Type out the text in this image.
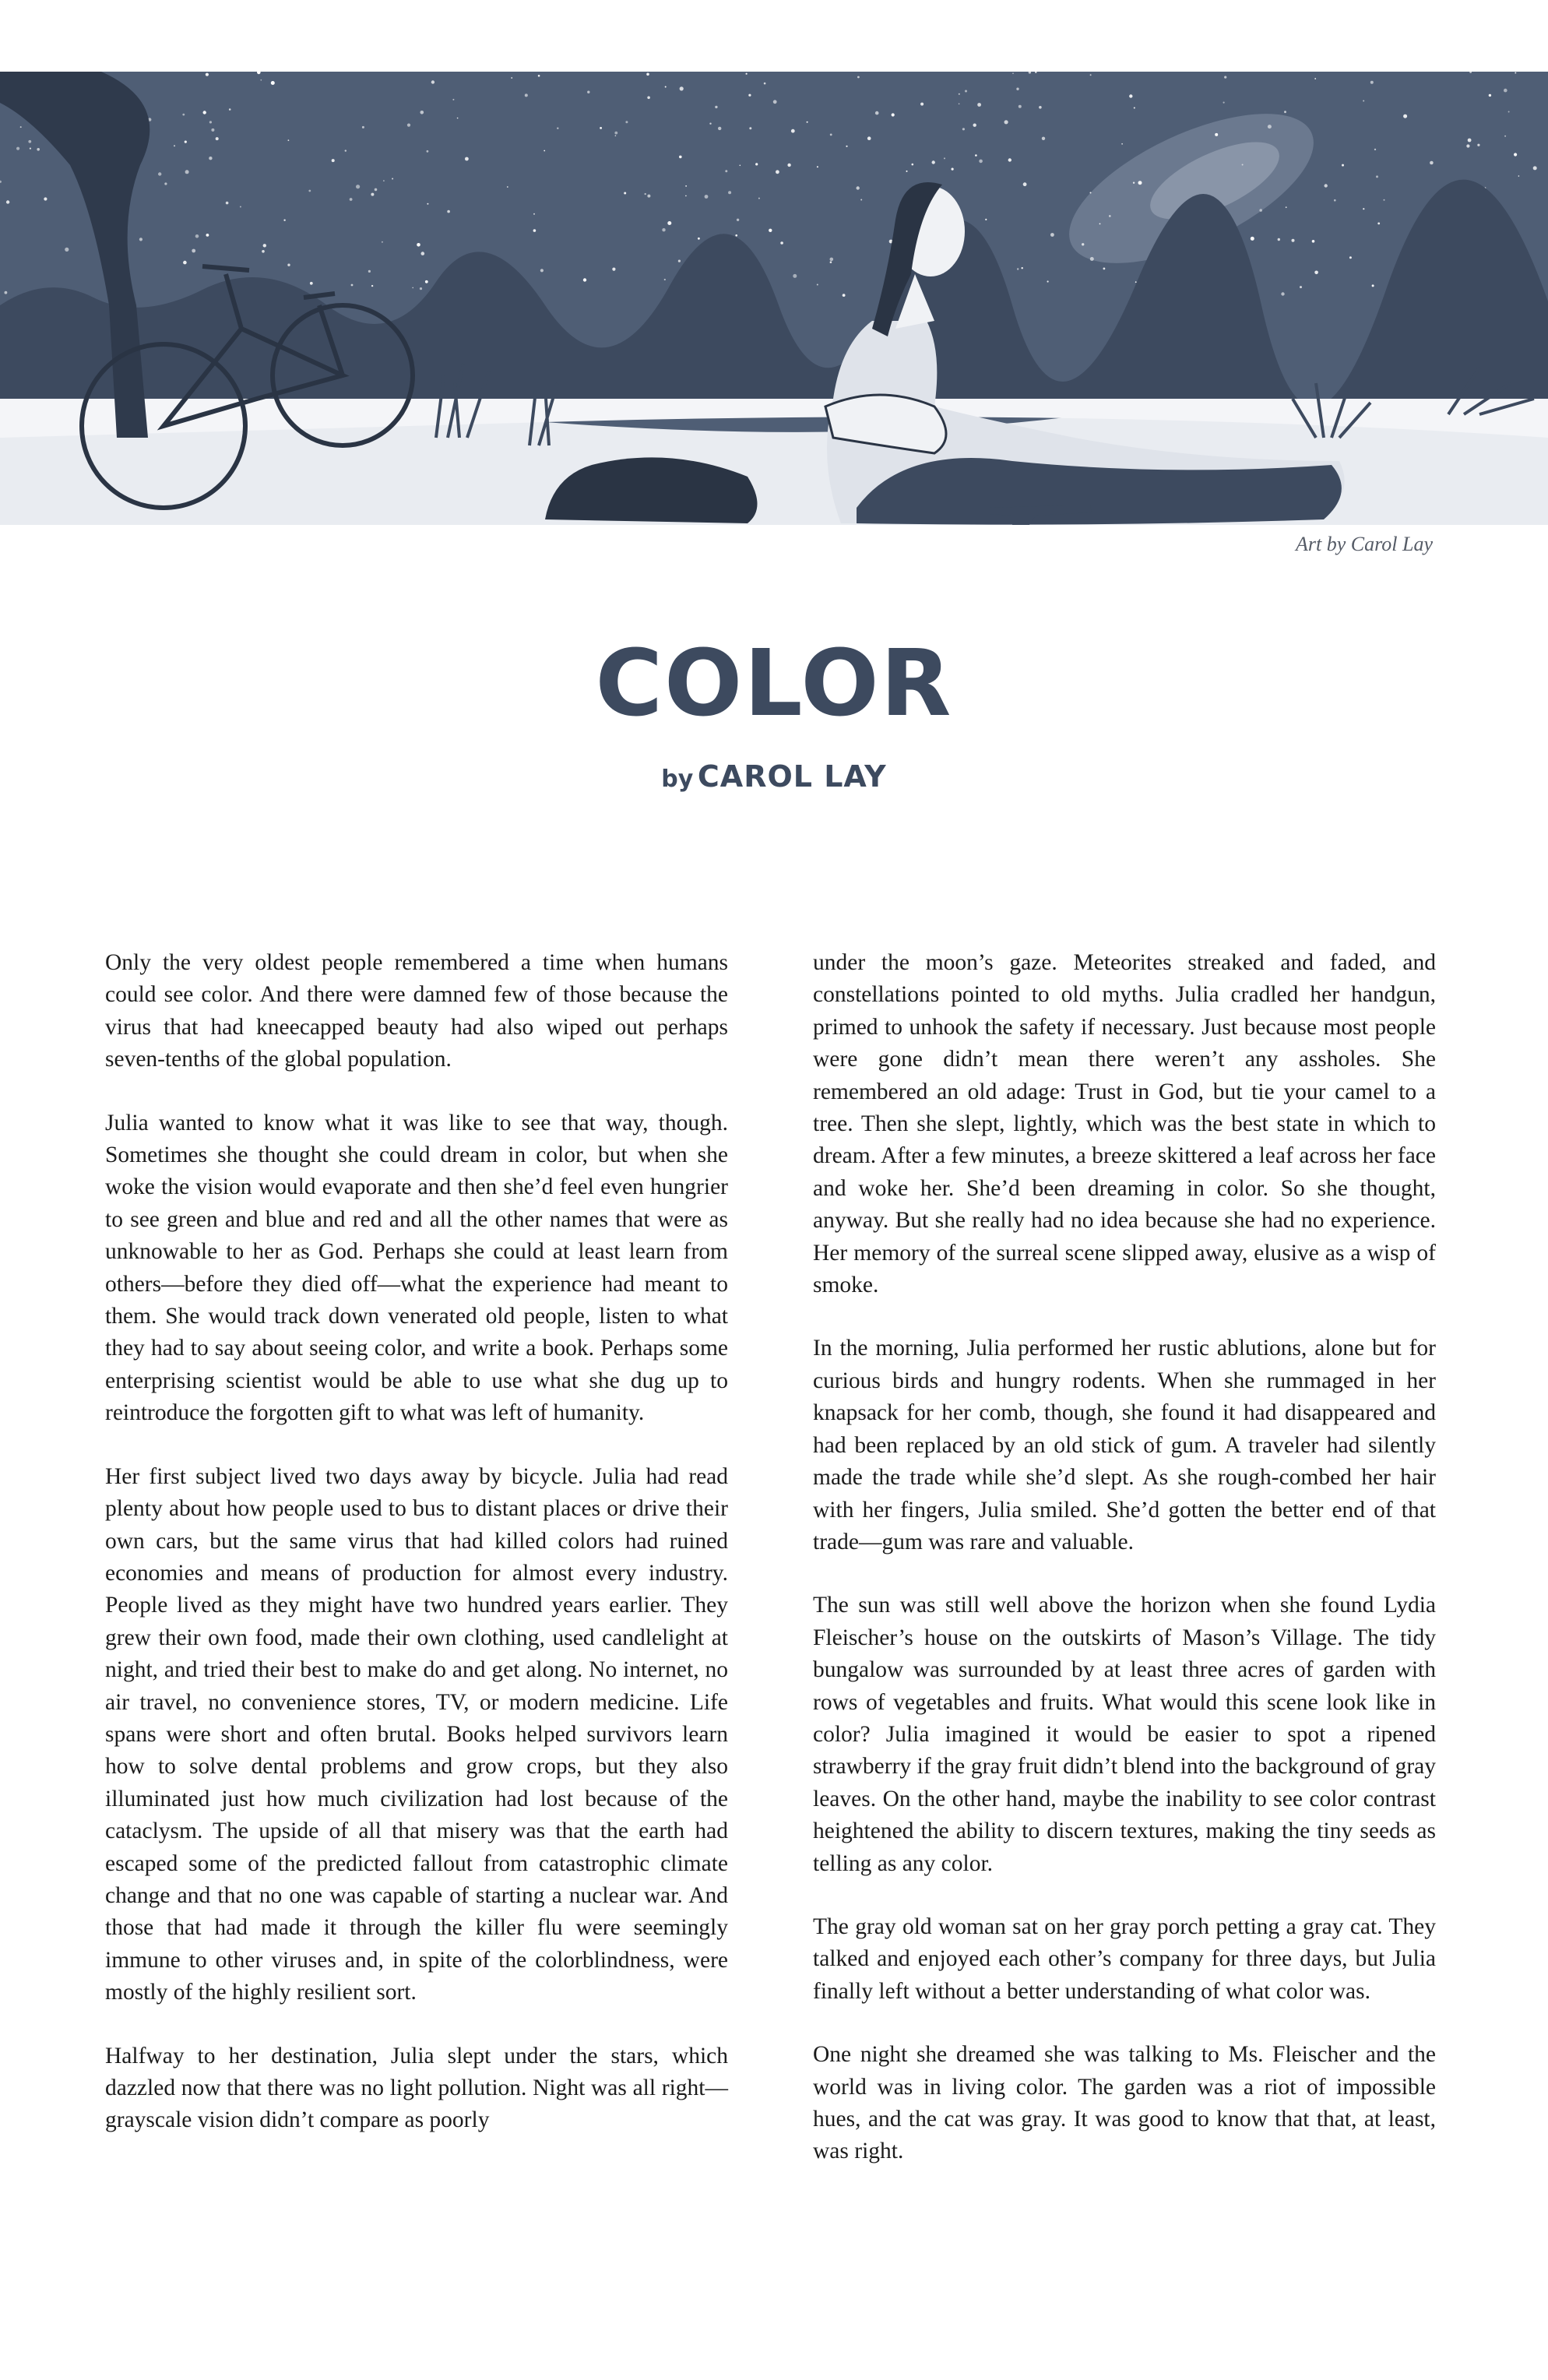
Art by Carol Lay
COLOR
by CAROL LAY

Only the very oldest people remembered a time when humans could see color. And there were damned few of those because the virus that had kneecapped beauty had also wiped out perhaps seven-tenths of the global population.

Julia wanted to know what it was like to see that way, though. Sometimes she thought she could dream in color, but when she woke the vision would evaporate and then she’d feel even hungrier to see green and blue and red and all the other names that were as unknowable to her as God. Perhaps she could at least learn from others—before they died off—what the experience had meant to them. She would track down venerated old people, listen to what they had to say about seeing color, and write a book. Perhaps some enterprising scientist would be able to use what she dug up to reintroduce the forgotten gift to what was left of humanity.

Her first subject lived two days away by bicycle. Julia had read plenty about how people used to bus to distant places or drive their own cars, but the same virus that had killed colors had ruined economies and means of production for almost every industry. People lived as they might have two hundred years earlier. They grew their own food, made their own clothing, used candlelight at night, and tried their best to make do and get along. No internet, no air travel, no convenience stores, TV, or modern medicine. Life spans were short and often brutal. Books helped survivors learn how to solve dental problems and grow crops, but they also illuminated just how much civilization had lost because of the cataclysm. The upside of all that misery was that the earth had escaped some of the predicted fallout from catastrophic climate change and that no one was capable of starting a nuclear war. And those that had made it through the killer flu were seemingly immune to other viruses and, in spite of the colorblindness, were mostly of the highly resilient sort.

Halfway to her destination, Julia slept under the stars, which dazzled now that there was no light pollution. Night was all right—grayscale vision didn’t compare as poorly

under the moon’s gaze. Meteorites streaked and faded, and constellations pointed to old myths. Julia cradled her handgun, primed to unhook the safety if necessary. Just because most people were gone didn’t mean there weren’t any assholes. She remembered an old adage: Trust in God, but tie your camel to a tree. Then she slept, lightly, which was the best state in which to dream. After a few minutes, a breeze skittered a leaf across her face and woke her. She’d been dreaming in color. So she thought, anyway. But she really had no idea because she had no experience. Her memory of the surreal scene slipped away, elusive as a wisp of smoke.

In the morning, Julia performed her rustic ablutions, alone but for curious birds and hungry rodents. When she rummaged in her knapsack for her comb, though, she found it had disappeared and had been replaced by an old stick of gum. A traveler had silently made the trade while she’d slept. As she rough-combed her hair with her fingers, Julia smiled. She’d gotten the better end of that trade—gum was rare and valuable.

The sun was still well above the horizon when she found Lydia Fleischer’s house on the outskirts of Mason’s Village. The tidy bungalow was surrounded by at least three acres of garden with rows of vegetables and fruits. What would this scene look like in color? Julia imagined it would be easier to spot a ripened strawberry if the gray fruit didn’t blend into the background of gray leaves. On the other hand, maybe the inability to see color contrast heightened the ability to discern textures, making the tiny seeds as telling as any color.

The gray old woman sat on her gray porch petting a gray cat. They talked and enjoyed each other’s company for three days, but Julia finally left without a better understanding of what color was.

One night she dreamed she was talking to Ms. Fleischer and the world was in living color. The garden was a riot of impossible hues, and the cat was gray. It was good to know that that, at least, was right.
